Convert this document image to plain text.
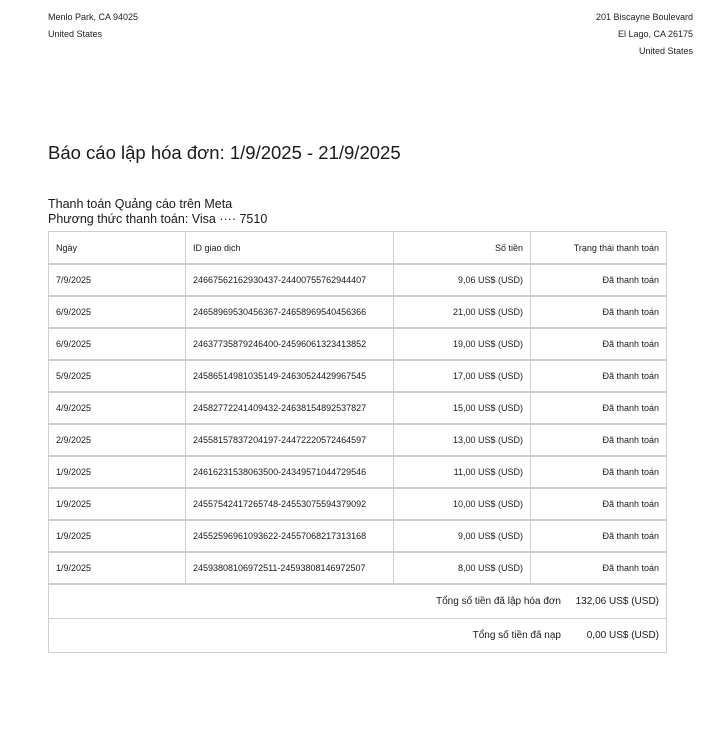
Menlo Park, CA 94025
United States
201 Biscayne Boulevard
El Lago, CA 26175
United States
Báo cáo lập hóa đơn: 1/9/2025 - 21/9/2025
Thanh toán Quảng cáo trên Meta
Phương thức thanh toán: Visa ···· 7510
Ngày	ID giao dịch	Số tiền	Trạng thái thanh toán
7/9/2025	24667562162930437-24400755762944407	9,06 US$ (USD)	Đã thanh toán
6/9/2025	24658969530456367-24658969540456366	21,00 US$ (USD)	Đã thanh toán
6/9/2025	24637735879246400-24596061323413852	19,00 US$ (USD)	Đã thanh toán
5/9/2025	24586514981035149-24630524429967545	17,00 US$ (USD)	Đã thanh toán
4/9/2025	24582772241409432-24638154892537827	15,00 US$ (USD)	Đã thanh toán
2/9/2025	24558157837204197-24472220572464597	13,00 US$ (USD)	Đã thanh toán
1/9/2025	24616231538063500-24349571044729546	11,00 US$ (USD)	Đã thanh toán
1/9/2025	24557542417265748-24553075594379092	10,00 US$ (USD)	Đã thanh toán
1/9/2025	24552596961093622-24557068217313168	9,00 US$ (USD)	Đã thanh toán
1/9/2025	24593808106972511-24593808146972507	8,00 US$ (USD)	Đã thanh toán
Tổng số tiền đã lập hóa đơn 132,06 US$ (USD)			
Tổng số tiền đã nạp 0,00 US$ (USD)			
